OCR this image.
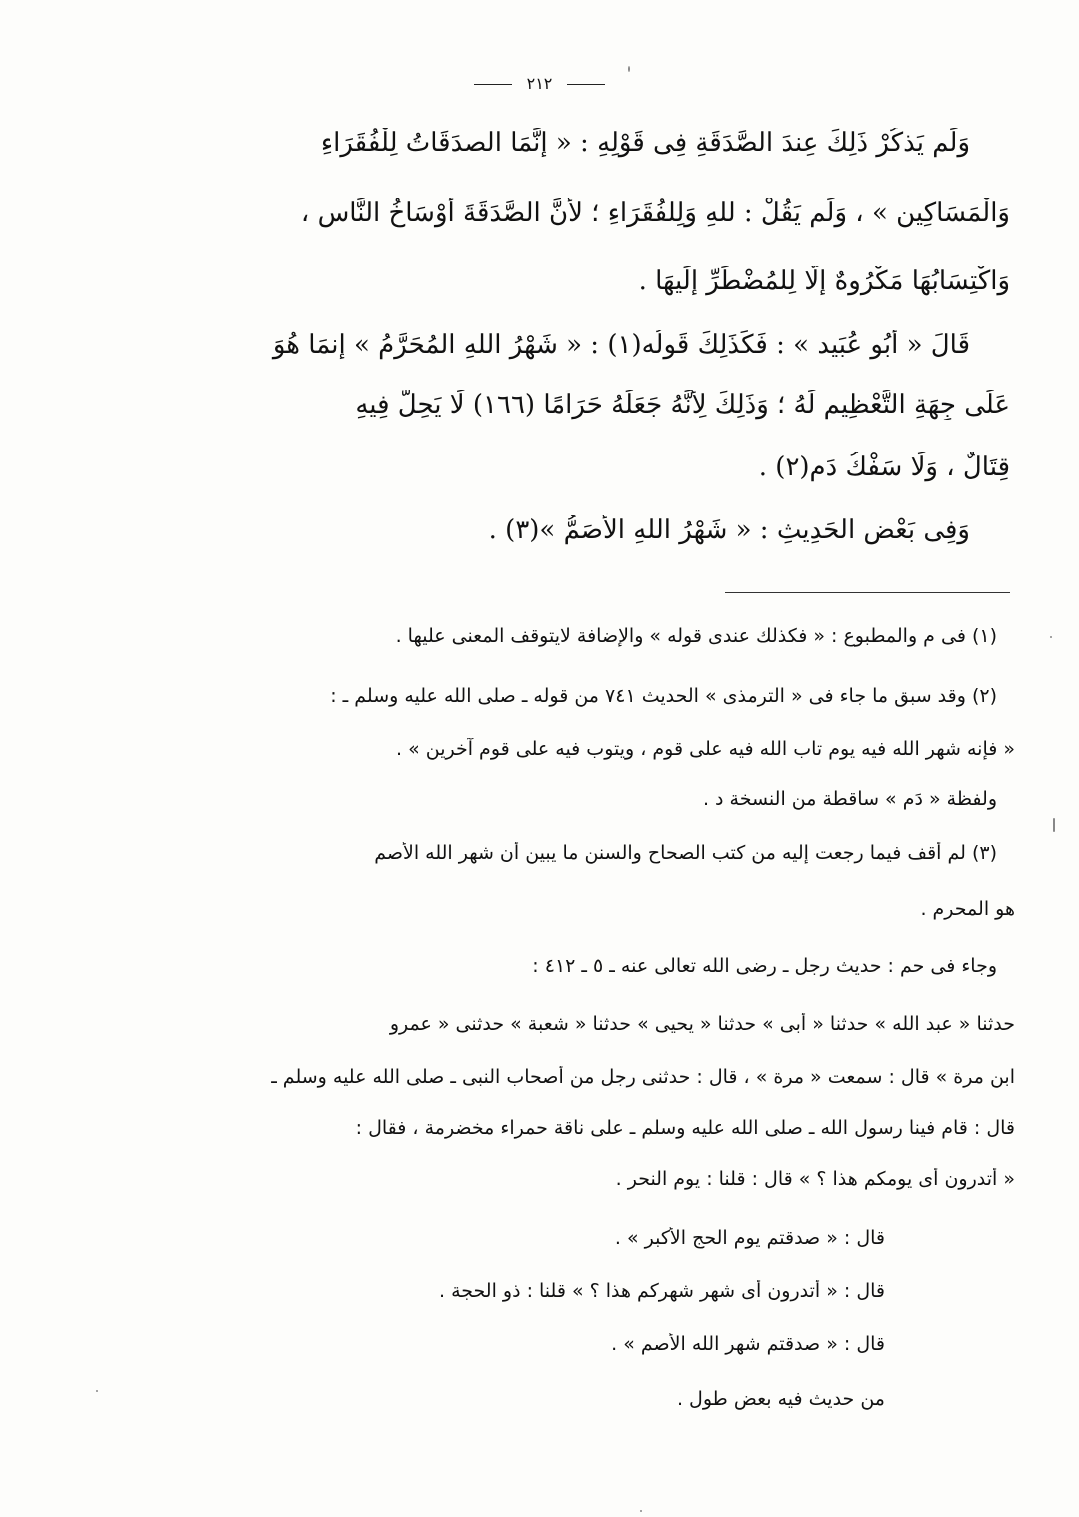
٢١٢
وَلَم يَذكُرْ ذَلِكَ عِندَ الصَّدَقَةِ فِى قَوْلِهِ : « إِنَّمَا الصدَقَاتُ لِلْفُقَرَاءِ
وَالْمَسَاكِينِ » ، وَلَم يَقُلْ : للهِ وَلِلفُقَرَاءِ ؛ لأَنَّ الصَّدَقَةَ أَوْسَاخُ النَّاسِ ،
وَاكْتِسَابُهَا مَكْرُوهٌ إِلَّا لِلمُضْطَرِّ إِلَيهَا .
قَالَ « أَبُو عُبَيد » : فَكَذَلِكَ قَولُه(١) : « شَهْرُ اللهِ المُحَرَّمُ » إِنمَا هُوَ
عَلَى جِهَةِ التَّعْظِيمِ لَهُ ؛ وَذَلِكَ لِأَنَّهُ جَعَلَهُ حَرَامًا (١٦٦) لَا يَحِلُّ فِيهِ
قِتَالٌ ، وَلَا سَفْكُ دَمٍ(٢) .
وَفِى بَعْضِ الحَدِيثِ : « شَهْرُ اللهِ الأَصَمُّ »(٣) .
(١) فى م والمطبوع : « فكذلك عندى قوله » والإضافة لايتوقف المعنى عليها .
(٢) وقد سبق ما جاء فى « الترمذى » الحديث ٧٤١ من قوله ـ صلى الله عليه وسلم ـ :
« فإنه شهر الله فيه يوم تاب الله فيه على قوم ، ويتوب فيه على قوم آخرين » .
ولفظة « دَمٍ » ساقطة من النسخة د .
(٣) لم أقف فيما رجعت إليه من كتب الصحاح والسنن ما يبين أن شهر الله الأصم
هو المحرم .
وجاء فى حم : حديث رجل ـ رضى الله تعالى عنه ـ ٥ ـ ٤١٢ :
حدثنا « عبد الله » حدثنا « أبى » حدثنا « يحيى » حدثنا « شعبة » حدثنى « عمرو
ابن مرة » قال : سمعت « مرة » ، قال : حدثنى رجل من أصحاب النبى ـ صلى الله عليه وسلم ـ
قال : قام فينا رسول الله ـ صلى الله عليه وسلم ـ على ناقة حمراء مخضرمة ، فقال :
« أتدرون أى يومكم هذا ؟ » قال : قلنا : يوم النحر .
قال : « صدقتم يوم الحج الأكبر » .
قال : « أتدرون أى شهر شهركم هذا ؟ » قلنا : ذو الحجة .
قال : « صدقتم شهر الله الأصم » .
من حديث فيه بعض طول .
